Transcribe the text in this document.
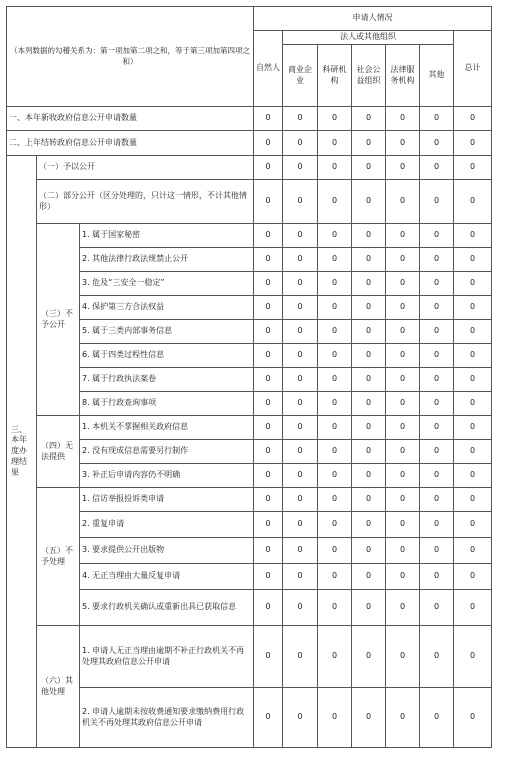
（本列数据的勾稽关系为：第一项加第二项之和，等于第三项加第四项之和）			申请人情况						
			自然人	法人或其他组织					总计
				商业企业	科研机构	社会公益组织	法律服务机构	其他	
一、本年新收政府信息公开申请数量			0	0	0	0	0	0	0
二、上年结转政府信息公开申请数量			0	0	0	0	0	0	0
三、本年度办理结果	（一）予以公开		0	0	0	0	0	0	0
	（二）部分公开（区分处理的，只计这一情形，不计其他情形）		0	0	0	0	0	0	0
	（三）不予公开	1. 属于国家秘密	0	0	0	0	0	0	0
		2. 其他法律行政法规禁止公开	0	0	0	0	0	0	0
		3. 危及“三安全一稳定”	0	0	0	0	0	0	0
		4. 保护第三方合法权益	0	0	0	0	0	0	0
		5. 属于三类内部事务信息	0	0	0	0	0	0	0
		6. 属于四类过程性信息	0	0	0	0	0	0	0
		7. 属于行政执法案卷	0	0	0	0	0	0	0
		8. 属于行政查询事项	0	0	0	0	0	0	0
	（四）无法提供	1. 本机关不掌握相关政府信息	0	0	0	0	0	0	0
		2. 没有现成信息需要另行制作	0	0	0	0	0	0	0
		3. 补正后申请内容仍不明确	0	0	0	0	0	0	0
	（五）不予处理	1. 信访举报投诉类申请	0	0	0	0	0	0	0
		2. 重复申请	0	0	0	0	0	0	0
		3. 要求提供公开出版物	0	0	0	0	0	0	0
		4. 无正当理由大量反复申请	0	0	0	0	0	0	0
		5. 要求行政机关确认或重新出具已获取信息	0	0	0	0	0	0	0
	（六）其他处理	1. 申请人无正当理由逾期不补正行政机关不再处理其政府信息公开申请	0	0	0	0	0	0	0
		2. 申请人逾期未按收费通知要求缴纳费用行政机关不再处理其政府信息公开申请	0	0	0	0	0	0	0
